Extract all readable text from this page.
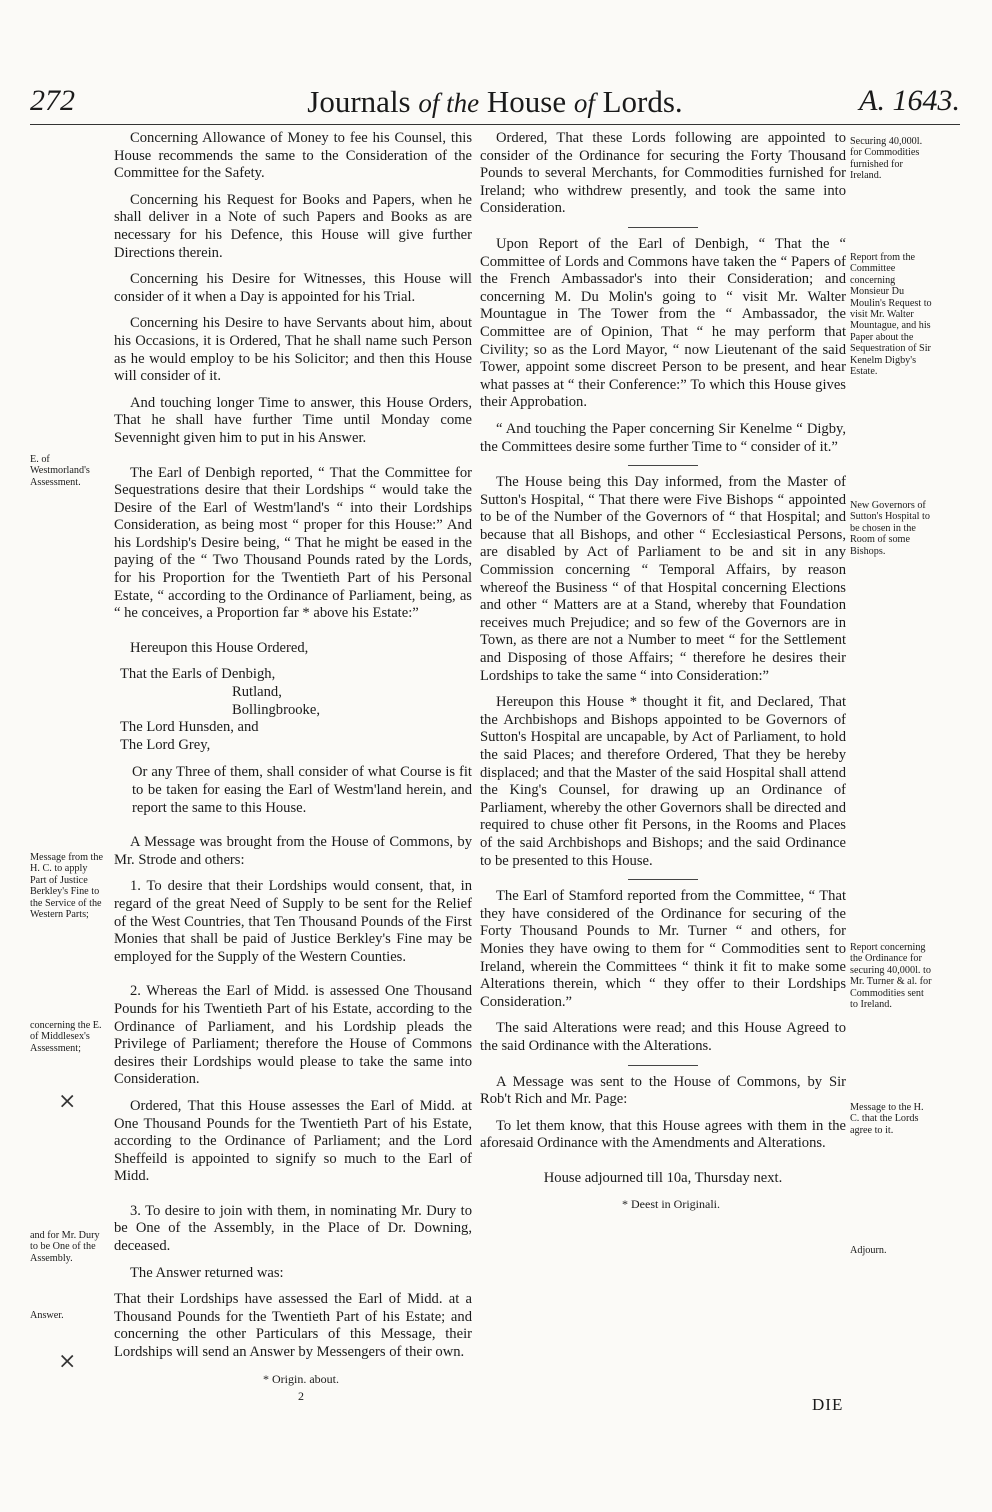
272	Journals of the House of Lords.	A. 1643.
E. of Westmorland's Assessment.
Message from the H. C. to apply Part of Justice Berkley's Fine to the Service of the Western Parts;
concerning the E. of Middlesex's Assessment;
and for Mr. Dury to be One of the Assembly.
Answer.
Securing 40,000l. for Commodities furnished for Ireland.
Report from the Committee concerning Monsieur Du Moulin's Request to visit Mr. Walter Mountague, and his Paper about the Sequestration of Sir Kenelm Digby's Estate.
New Governors of Sutton's Hospital to be chosen in the Room of some Bishops.
Report concerning the Ordinance for securing 40,000l. to Mr. Turner & al. for Commodities sent to Ireland.
Message to the H. C. that the Lords agree to it.
Adjourn.
⨯
⨯

Concerning Allowance of Money to fee his Counsel, this House recommends the same to the Consideration of the Committee for the Safety.

Concerning his Request for Books and Papers, when he shall deliver in a Note of such Papers and Books as are necessary for his Defence, this House will give further Directions therein.

Concerning his Desire for Witnesses, this House will consider of it when a Day is appointed for his Trial.

Concerning his Desire to have Servants about him, about his Occasions, it is Ordered, That he shall name such Person as he would employ to be his Solicitor; and then this House will consider of it.

And touching longer Time to answer, this House Orders, That he shall have further Time until Monday come Sevennight given him to put in his Answer.

The Earl of Denbigh reported, “ That the Committee for Sequestrations desire that their Lordships “ would take the Desire of the Earl of Westm'land's “ into their Lordships Consideration, as being most “ proper for this House:” And his Lordship's Desire being, “ That he might be eased in the paying of the “ Two Thousand Pounds rated by the Lords, for his Proportion for the Twentieth Part of his Personal Estate, “ according to the Ordinance of Parliament, being, as “ he conceives, a Proportion far * above his Estate:”

Hereupon this House Ordered,

That the Earls of Denbigh,
Rutland,
Bollingbrooke,
The Lord Hunsden, and
The Lord Grey,

Or any Three of them, shall consider of what Course is fit to be taken for easing the Earl of Westm'land herein, and report the same to this House.

A Message was brought from the House of Commons, by Mr. Strode and others:

1. To desire that their Lordships would consent, that, in regard of the great Need of Supply to be sent for the Relief of the West Countries, that Ten Thousand Pounds of the First Monies that shall be paid of Justice Berkley's Fine may be employed for the Supply of the Western Counties.

2. Whereas the Earl of Midd. is assessed One Thousand Pounds for his Twentieth Part of his Estate, according to the Ordinance of Parliament, and his Lordship pleads the Privilege of Parliament; therefore the House of Commons desires their Lordships would please to take the same into Consideration.

Ordered, That this House assesses the Earl of Midd. at One Thousand Pounds for the Twentieth Part of his Estate, according to the Ordinance of Parliament; and the Lord Sheffeild is appointed to signify so much to the Earl of Midd.

3. To desire to join with them, in nominating Mr. Dury to be One of the Assembly, in the Place of Dr. Downing, deceased.

The Answer returned was:

That their Lordships have assessed the Earl of Midd. at a Thousand Pounds for the Twentieth Part of his Estate; and concerning the other Particulars of this Message, their Lordships will send an Answer by Messengers of their own.

* Origin. about.

2

Ordered, That these Lords following are appointed to consider of the Ordinance for securing the Forty Thousand Pounds to several Merchants, for Commodities furnished for Ireland; who withdrew presently, and took the same into Consideration.

Upon Report of the Earl of Denbigh, “ That the “ Committee of Lords and Commons have taken the “ Papers of the French Ambassador's into their Consideration; and concerning M. Du Molin's going to “ visit Mr. Walter Mountague in The Tower from the “ Ambassador, the Committee are of Opinion, That “ he may perform that Civility; so as the Lord Mayor, “ now Lieutenant of the said Tower, appoint some discreet Person to be present, and hear what passes at “ their Conference:” To which this House gives their Approbation.

“ And touching the Paper concerning Sir Kenelme “ Digby, the Committees desire some further Time to “ consider of it.”

The House being this Day informed, from the Master of Sutton's Hospital, “ That there were Five Bishops “ appointed to be of the Number of the Governors of “ that Hospital; and because that all Bishops, and other “ Ecclesiastical Persons, are disabled by Act of Parliament to be and sit in any Commission concerning “ Temporal Affairs, by reason whereof the Business “ of that Hospital concerning Elections and other “ Matters are at a Stand, whereby that Foundation receives much Prejudice; and so few of the Governors are in Town, as there are not a Number to meet “ for the Settlement and Disposing of those Affairs; “ therefore he desires their Lordships to take the same “ into Consideration:”

Hereupon this House * thought it fit, and Declared, That the Archbishops and Bishops appointed to be Governors of Sutton's Hospital are uncapable, by Act of Parliament, to hold the said Places; and therefore Ordered, That they be hereby displaced; and that the Master of the said Hospital shall attend the King's Counsel, for drawing up an Ordinance of Parliament, whereby the other Governors shall be directed and required to chuse other fit Persons, in the Rooms and Places of the said Archbishops and Bishops; and the said Ordinance to be presented to this House.

The Earl of Stamford reported from the Committee, “ That they have considered of the Ordinance for securing of the Forty Thousand Pounds to Mr. Turner “ and others, for Monies they have owing to them for “ Commodities sent to Ireland, wherein the Committees “ think it fit to make some Alterations therein, which “ they offer to their Lordships Consideration.”

The said Alterations were read; and this House Agreed to the said Ordinance with the Alterations.

A Message was sent to the House of Commons, by Sir Rob't Rich and Mr. Page:

To let them know, that this House agrees with them in the aforesaid Ordinance with the Amendments and Alterations.

House adjourned till 10a, Thursday next.

* Deest in Originali.

DIE
